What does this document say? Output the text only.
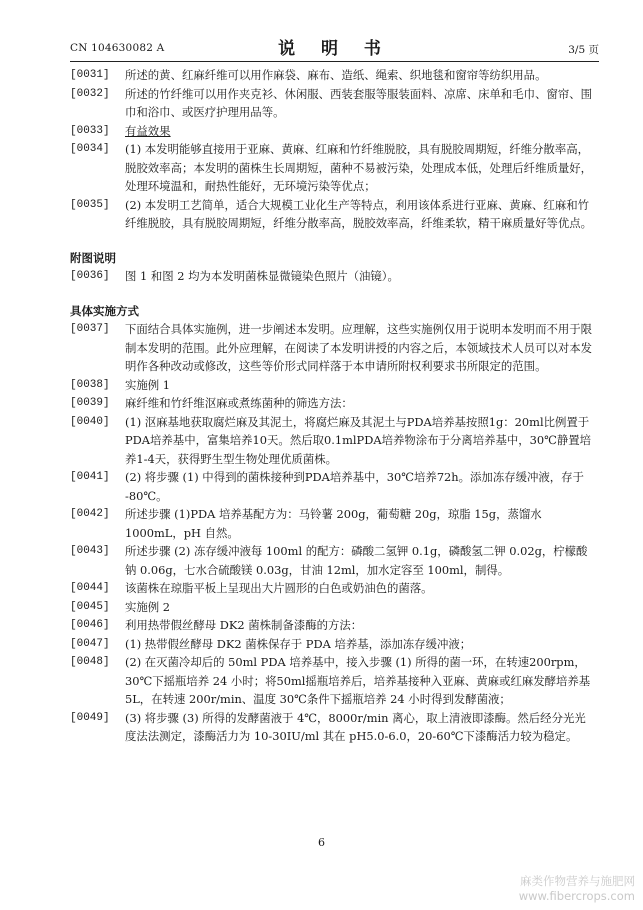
CN 104630082 A	说 明 书	3/5 页

[0031] 所述的黄、红麻纤维可以用作麻袋、麻布、造纸、绳索、织地毯和窗帘等纺织用品。

[0032] 所述的竹纤维可以用作夹克衫、休闲服、西装套服等服装面料、凉席、床单和毛巾、窗帘、围巾和浴巾、或医疗护理用品等。

[0033] 有益效果

[0034] (1) 本发明能够直接用于亚麻、黄麻、红麻和竹纤维脱胶，具有脱胶周期短，纤维分散率高，脱胶效率高；本发明的菌株生长周期短，菌种不易被污染，处理成本低，处理后纤维质量好，处理环境温和，耐热性能好，无环境污染等优点；

[0035] (2) 本发明工艺简单，适合大规模工业化生产等特点，利用该体系进行亚麻、黄麻、红麻和竹纤维脱胶，具有脱胶周期短，纤维分散率高，脱胶效率高，纤维柔软，精干麻质量好等优点。

附图说明

[0036] 图 1 和图 2 均为本发明菌株显微镜染色照片（油镜）。

具体实施方式

[0037] 下面结合具体实施例，进一步阐述本发明。应理解，这些实施例仅用于说明本发明而不用于限制本发明的范围。此外应理解，在阅读了本发明讲授的内容之后，本领域技术人员可以对本发明作各种改动或修改，这些等价形式同样落于本申请所附权利要求书所限定的范围。

[0038] 实施例 1

[0039] 麻纤维和竹纤维沤麻或煮练菌种的筛选方法：

[0040] (1) 沤麻基地获取腐烂麻及其泥土，将腐烂麻及其泥土与PDA培养基按照1g：20ml比例置于PDA培养基中，富集培养10天。然后取0.1mlPDA培养物涂布于分离培养基中，30℃静置培养1-4天，获得野生型生物处理优质菌株。

[0041] (2) 将步骤 (1) 中得到的菌株接种到PDA培养基中，30℃培养72h。添加冻存缓冲液，存于 -80℃。

[0042] 所述步骤 (1)PDA 培养基配方为：马铃薯 200g，葡萄糖 20g，琼脂 15g，蒸馏水1000mL，pH 自然。

[0043] 所述步骤 (2) 冻存缓冲液每 100ml 的配方：磷酸二氢钾 0.1g，磷酸氢二钾 0.02g，柠檬酸钠 0.06g，七水合硫酸镁 0.03g，甘油 12ml，加水定容至 100ml，制得。

[0044] 该菌株在琼脂平板上呈现出大片圆形的白色或奶油色的菌落。

[0045] 实施例 2

[0046] 利用热带假丝酵母 DK2 菌株制备漆酶的方法：

[0047] (1) 热带假丝酵母 DK2 菌株保存于 PDA 培养基，添加冻存缓冲液；

[0048] (2) 在灭菌冷却后的 50ml PDA 培养基中，接入步骤 (1) 所得的菌一环，在转速200rpm，30℃下摇瓶培养 24 小时；将50ml摇瓶培养后，培养基接种入亚麻、黄麻或红麻发酵培养基 5L，在转速 200r/min、温度 30℃条件下摇瓶培养 24 小时得到发酵菌液；

[0049] (3) 将步骤 (3) 所得的发酵菌液于 4℃，8000r/min 离心，取上清液即漆酶。然后经分光光度法法测定，漆酶活力为 10-30IU/ml 其在 pH5.0-6.0，20-60℃下漆酶活力较为稳定。

6
麻类作物营养与施肥网
www.fibercrops.com
